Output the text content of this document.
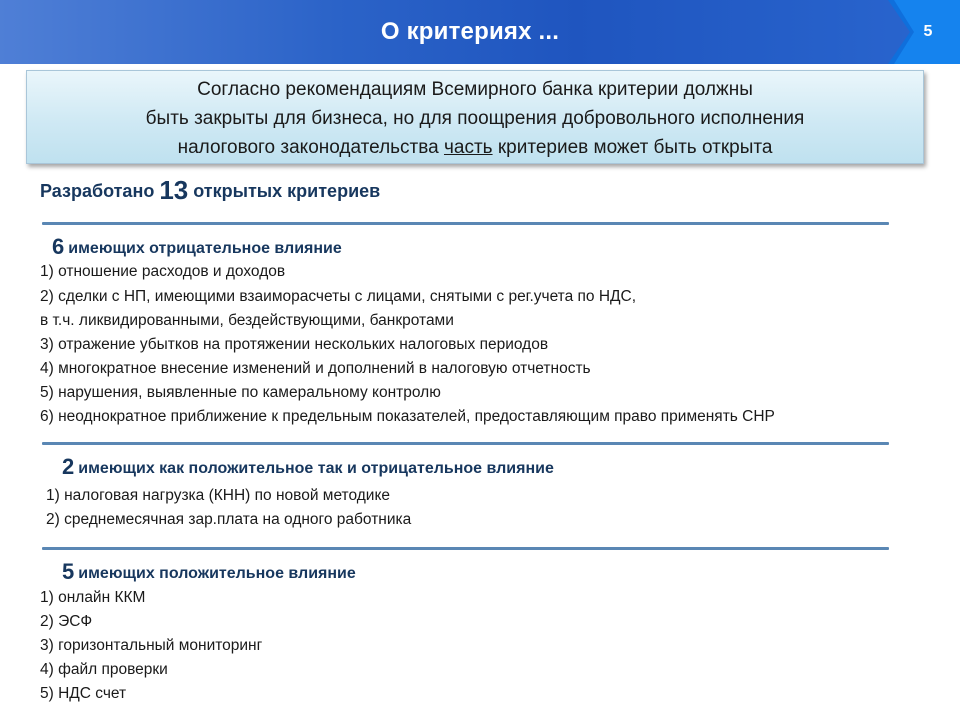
О критериях ...	5
Согласно рекомендациям Всемирного банка критерии должны
быть закрыты для бизнеса, но для поощрения добровольного исполнения
налогового законодательства часть критериев может быть открыта
Разработано 13 открытых критериев
6 имеющих отрицательное влияние
1) отношение расходов и доходов
2) сделки с НП, имеющими взаиморасчеты с лицами, снятыми с рег.учета по НДС,
в т.ч. ликвидированными, бездействующими, банкротами
3) отражение убытков на протяжении нескольких налоговых периодов
4) многократное внесение изменений и дополнений в налоговую отчетность
5) нарушения, выявленные по камеральному контролю
6) неоднократное приближение к предельным показателей, предоставляющим право применять СНР
2 имеющих как положительное так и отрицательное влияние
1) налоговая нагрузка (КНН) по новой методике
2) среднемесячная зар.плата на одного работника
5 имеющих положительное влияние
1) онлайн ККМ
2) ЭСФ
3) горизонтальный мониторинг
4) файл проверки
5) НДС счет
